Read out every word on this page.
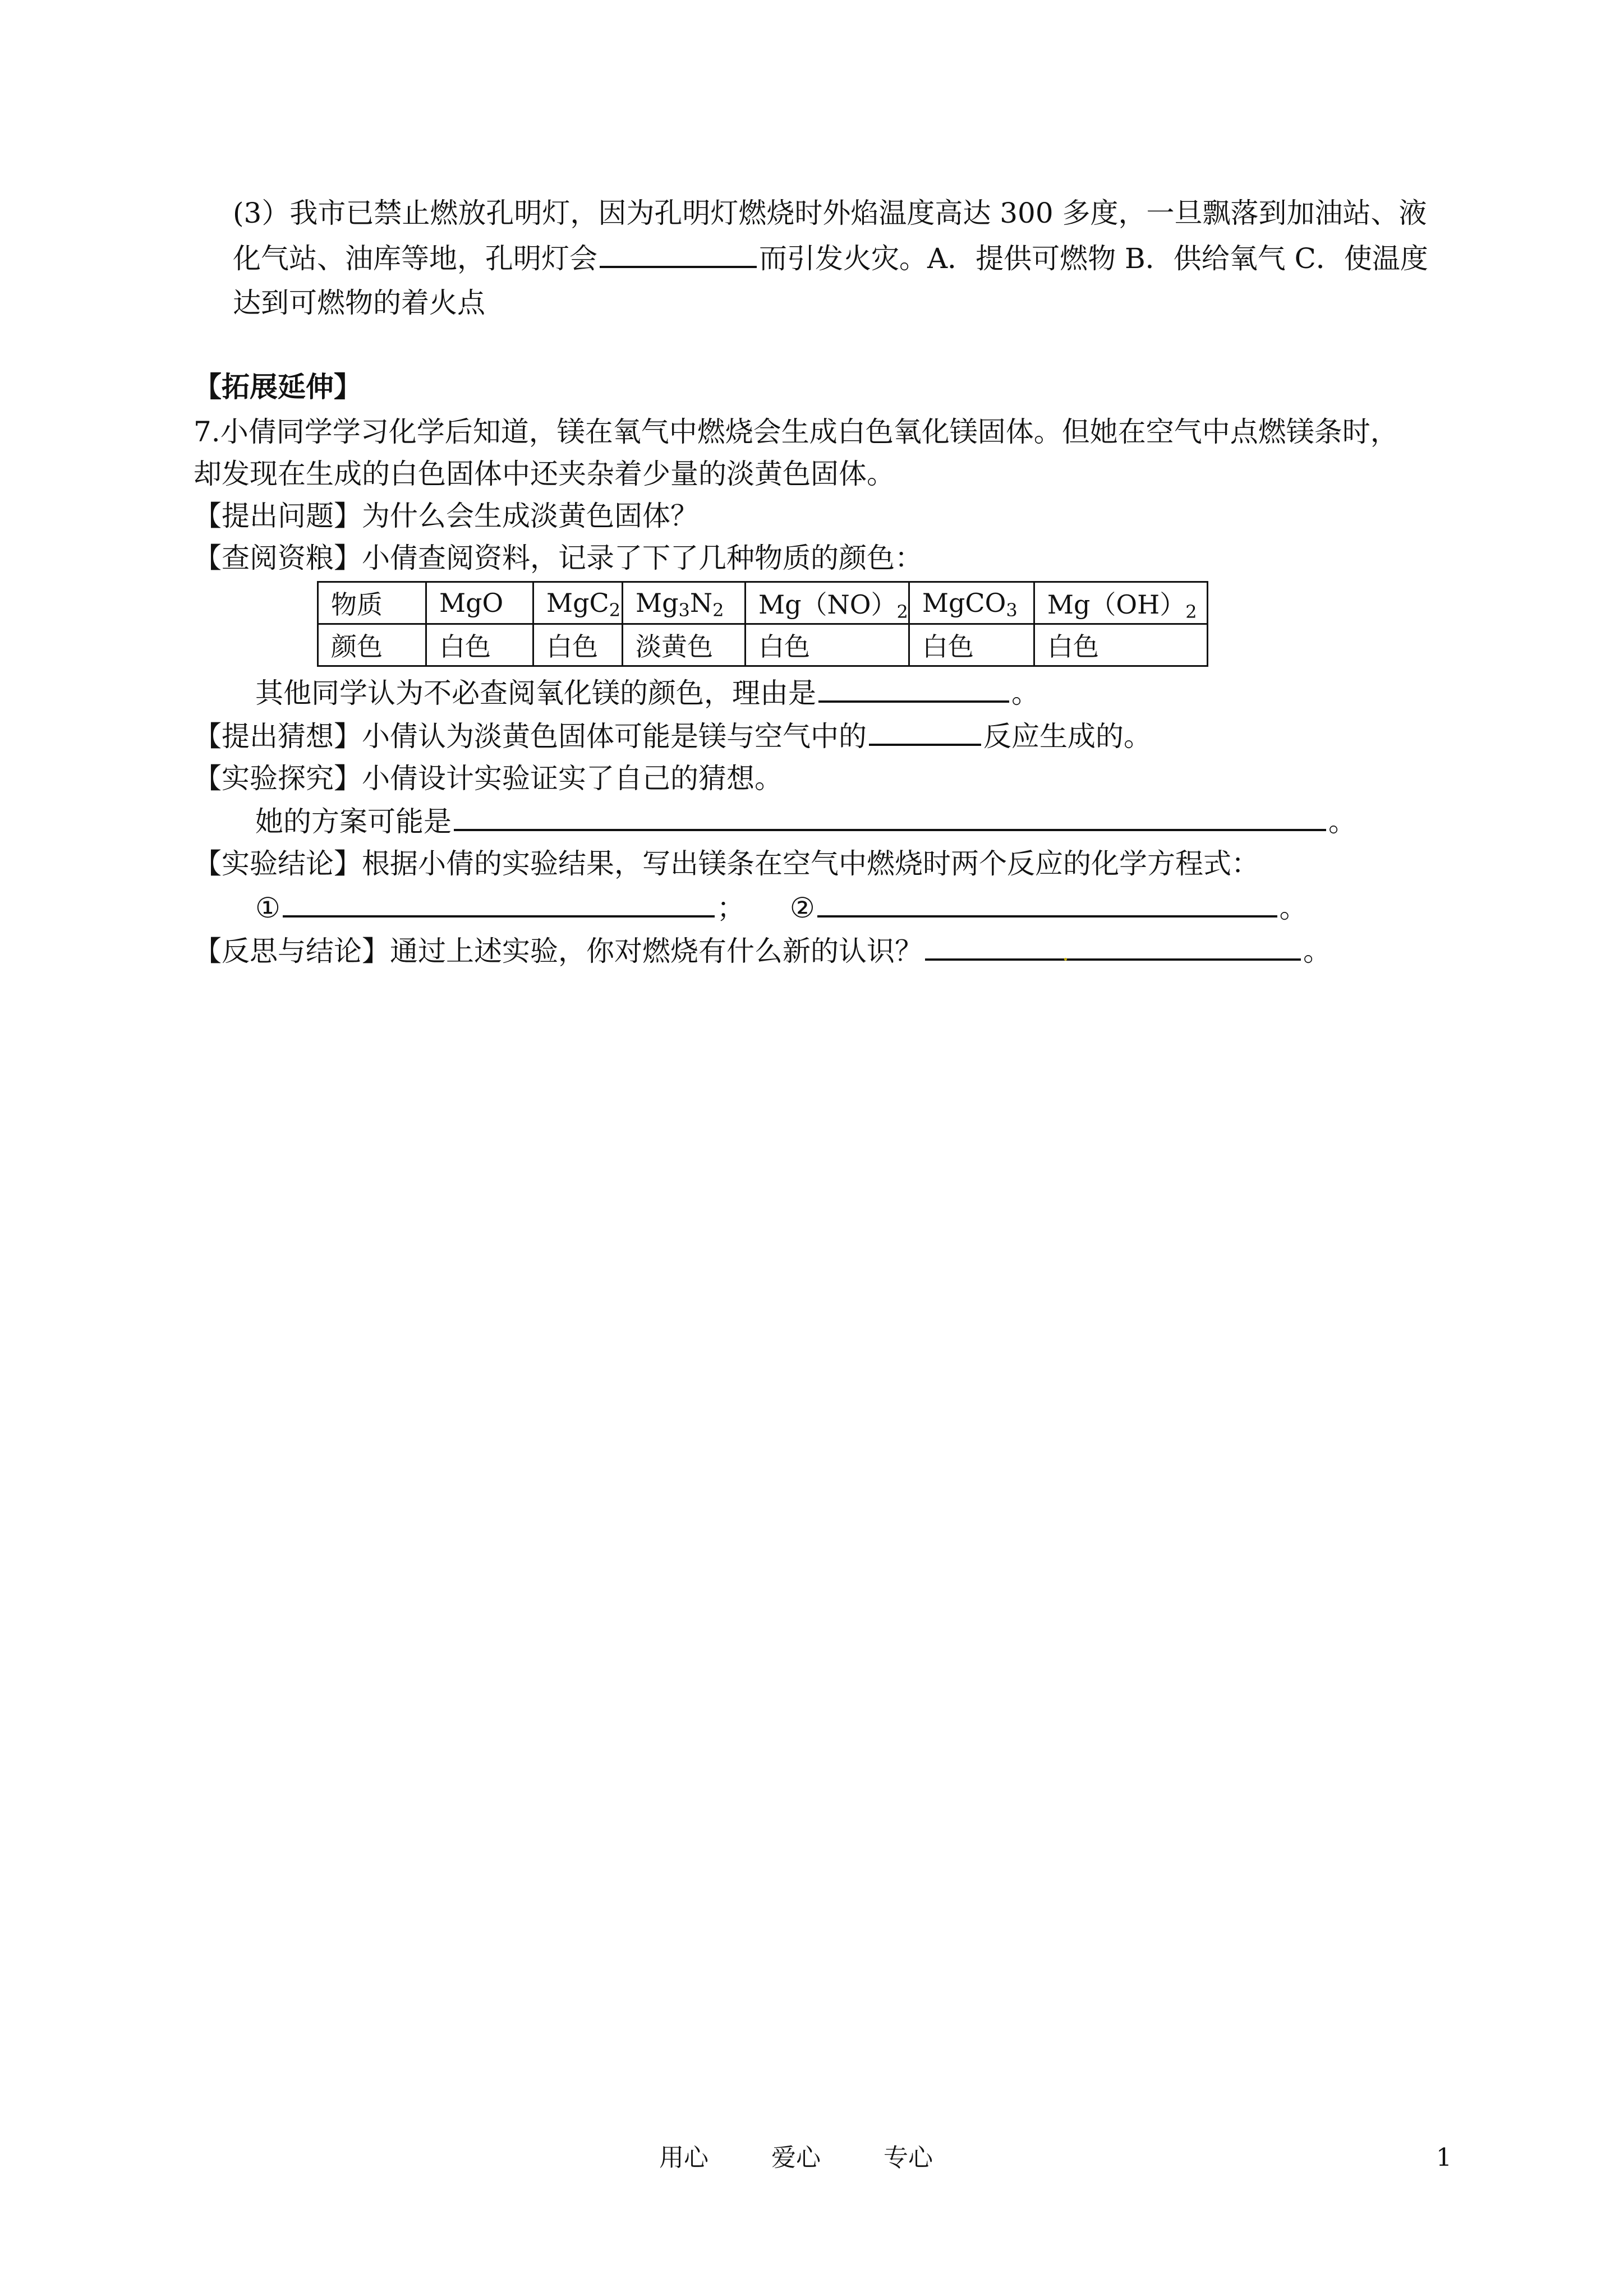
(3）我市已禁止燃放孔明灯，因为孔明灯燃烧时外焰温度高达 300 多度，一旦飘落到加油站、液
化气站、油库等地，孔明灯会	而引发火灾。A．提供可燃物 B．供给氧气 C．使温度
达到可燃物的着火点
【拓展延伸】
7.小倩同学学习化学后知道，镁在氧气中燃烧会生成白色氧化镁固体。但她在空气中点燃镁条时，
却发现在生成的白色固体中还夹杂着少量的淡黄色固体。
【提出问题】为什么会生成淡黄色固体？
【查阅资粮】小倩查阅资料，记录了下了几种物质的颜色：
物质	MgO	MgC$_2$	$Mg_3N_2$	$Mg(NO)_2$	MgCO$_3$	$Mg(OH)_2$
颜色	白色	白色	淡黄色	白色	白色	白色
其他同学认为不必查阅氧化镁的颜色，理由是	。
【提出猜想】小倩认为淡黄色固体可能是镁与空气中的	反应生成的。
【实验探究】小倩设计实验证实了自己的猜想。
她的方案可能是	。
【实验结论】根据小倩的实验结果，写出镁条在空气中燃烧时两个反应的化学方程式：
①	； ②	。
【反思与结论】通过上述实验，你对燃烧有什么新的认识？	。
用心	爱心	专心	1
